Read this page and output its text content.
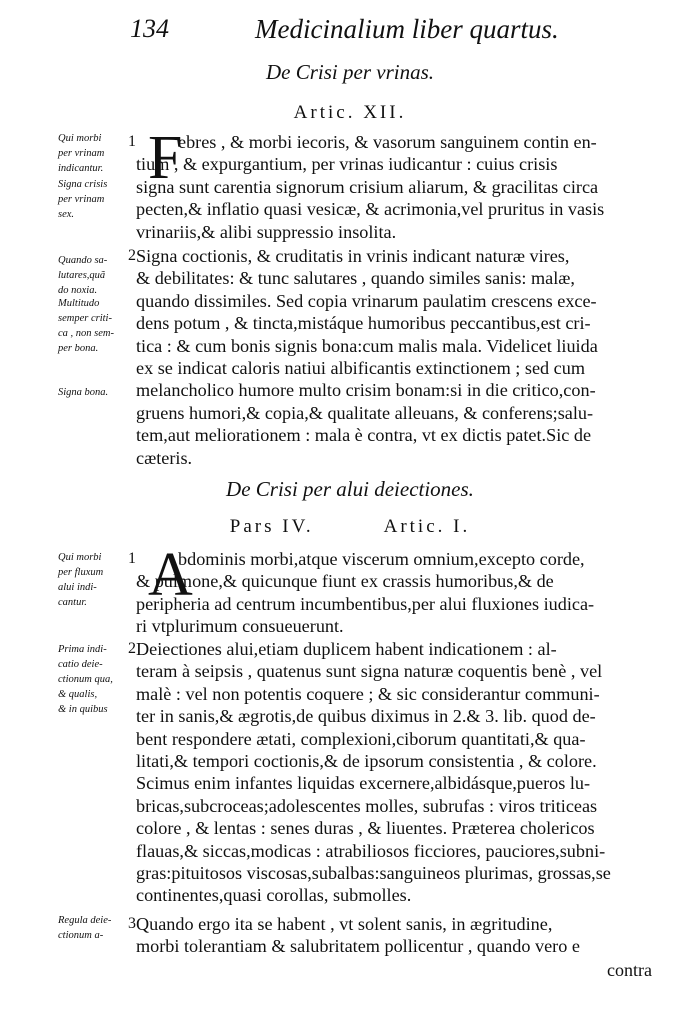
134	Medicinalium liber quartus.
De Crisi per vrinas.
Artic. XII.
Qui morbi
per vrinam
indicantur.
Signa crisis
per vrinam
sex.
Quando sa-
lutares,quã
do noxia.
Multitudo
semper criti-
ca , non sem-
per bona.
Signa bona.
1 F
ebres , & morbi iecoris, & vasorum sanguinem contin en-
tium , & expurgantium, per vrinas iudicantur : cuius crisis
signa sunt carentia signorum crisium aliarum, & gracilitas circa
pecten,& inflatio quasi vesicæ, & acrimonia,vel pruritus in vasis
vrinariis,& alibi suppressio insolita.
2 Signa coctionis, & cruditatis in vrinis indicant naturæ vires,
& debilitates: & tunc salutares , quando similes sanis: malæ,
quando dissimiles. Sed copia vrinarum paulatim crescens exce-
dens potum , & tincta,mistáque humoribus peccantibus,est cri-
tica : & cum bonis signis bona:cum malis mala. Videlicet liuida
ex se indicat caloris natiui albificantis extinctionem ; sed cum
melancholico humore multo crisim bonam:si in die critico,con-
gruens humori,& copia,& qualitate alleuans, & conferens;salu-
tem,aut meliorationem : mala è contra, vt ex dictis patet.Sic de
cæteris.
De Crisi per alui deiectiones.
Pars IV.	Artic. I.
Qui morbi
per fluxum
alui indi-
cantur.
Prima indi-
catio deie-
ctionum qua,
& qualis,
& in quibus
Regula deie-
ctionum a-
1 A
bdominis morbi,atque viscerum omnium,excepto corde,
& pulmone,& quicunque fiunt ex crassis humoribus,& de
peripheria ad centrum incumbentibus,per alui fluxiones iudica-
ri vtplurimum consueuerunt.
2 Deiectiones alui,etiam duplicem habent indicationem : al-
teram à seipsis , quatenus sunt signa naturæ coquentis benè , vel
malè : vel non potentis coquere ; & sic considerantur communi-
ter in sanis,& ægrotis,de quibus diximus in 2.& 3. lib. quod de-
bent respondere ætati, complexioni,ciborum quantitati,& qua-
litati,& tempori coctionis,& de ipsorum consistentia , & colore.
Scimus enim infantes liquidas excernere,albidásque,pueros lu-
bricas,subcroceas;adolescentes molles, subrufas : viros triticeas
colore , & lentas : senes duras , & liuentes. Præterea cholericos
flauas,& siccas,modicas : atrabiliosos ficciores, pauciores,subni-
gras:pituitosos viscosas,subalbas:sanguineos plurimas, grossas,se
continentes,quasi corollas, submolles.
3 Quando ergo ita se habent , vt solent sanis, in ægritudine,
morbi tolerantiam & salubritatem pollicentur , quando vero e
contra
